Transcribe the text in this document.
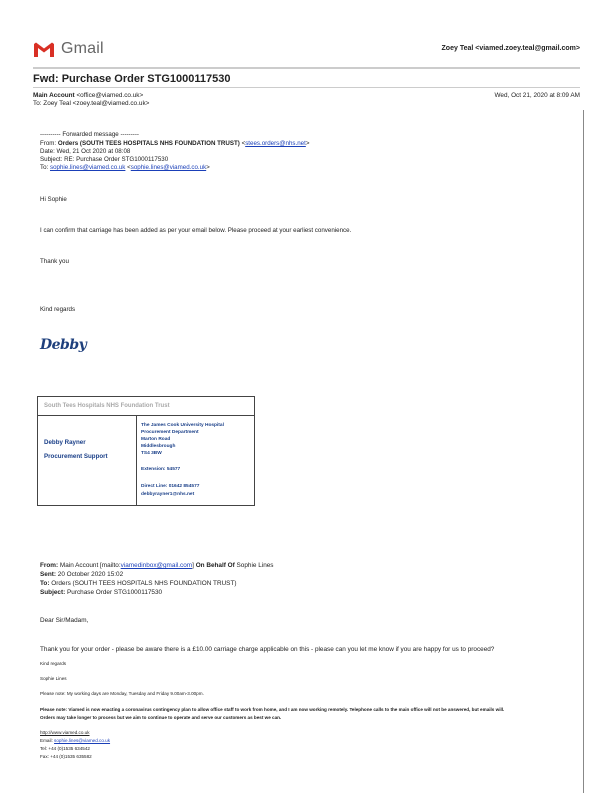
Gmail	Zoey Teal <viamed.zoey.teal@gmail.com>
Fwd: Purchase Order STG1000117530
Main Account <office@viamed.co.uk>	Wed, Oct 21, 2020 at 8:09 AM
To: Zoey Teal <zoey.teal@viamed.co.uk>
---------- Forwarded message ---------
From: Orders (SOUTH TEES HOSPITALS NHS FOUNDATION TRUST) <stees.orders@nhs.net>
Date: Wed, 21 Oct 2020 at 08:08
Subject: RE: Purchase Order STG1000117530
To: sophie.lines@viamed.co.uk <sophie.lines@viamed.co.uk>
Hi Sophie
I can confirm that carriage has been added as per your email below. Please proceed at your earliest convenience.
Thank you
Kind regards
Debby
South Tees Hospitals NHS Foundation Trust
Debby Rayner
Procurement Support
The James Cook University Hospital
Procurement Department
Marton Road
Middlesbrough
TS4 3BW
Extension: 54577
Direct Line: 01642 854577
debbyrayner1@nhs.net
From: Main Account [mailto:viamedinbox@gmail.com] On Behalf Of Sophie Lines
Sent: 20 October 2020 15:02
To: Orders (SOUTH TEES HOSPITALS NHS FOUNDATION TRUST)
Subject: Purchase Order STG1000117530
Dear Sir/Madam,
Thank you for your order - please be aware there is a £10.00 carriage charge applicable on this - please can you let me know if you are happy for us to proceed?
Kind regards
Sophie Lines
Please note: My working days are Monday, Tuesday and Friday 9.00am-3.00pm.
Please note: Viamed is now enacting a coronavirus contingency plan to allow office staff to work from home, and I am now working remotely. Telephone calls to the main office will not be answered, but emails will.
Orders may take longer to process but we aim to continue to operate and serve our customers as best we can.
http://www.viamed.co.uk
Email: sophie.lines@viamed.co.uk
Tel: +44 (0)1535 634542
Fax: +44 (0)1535 635582
